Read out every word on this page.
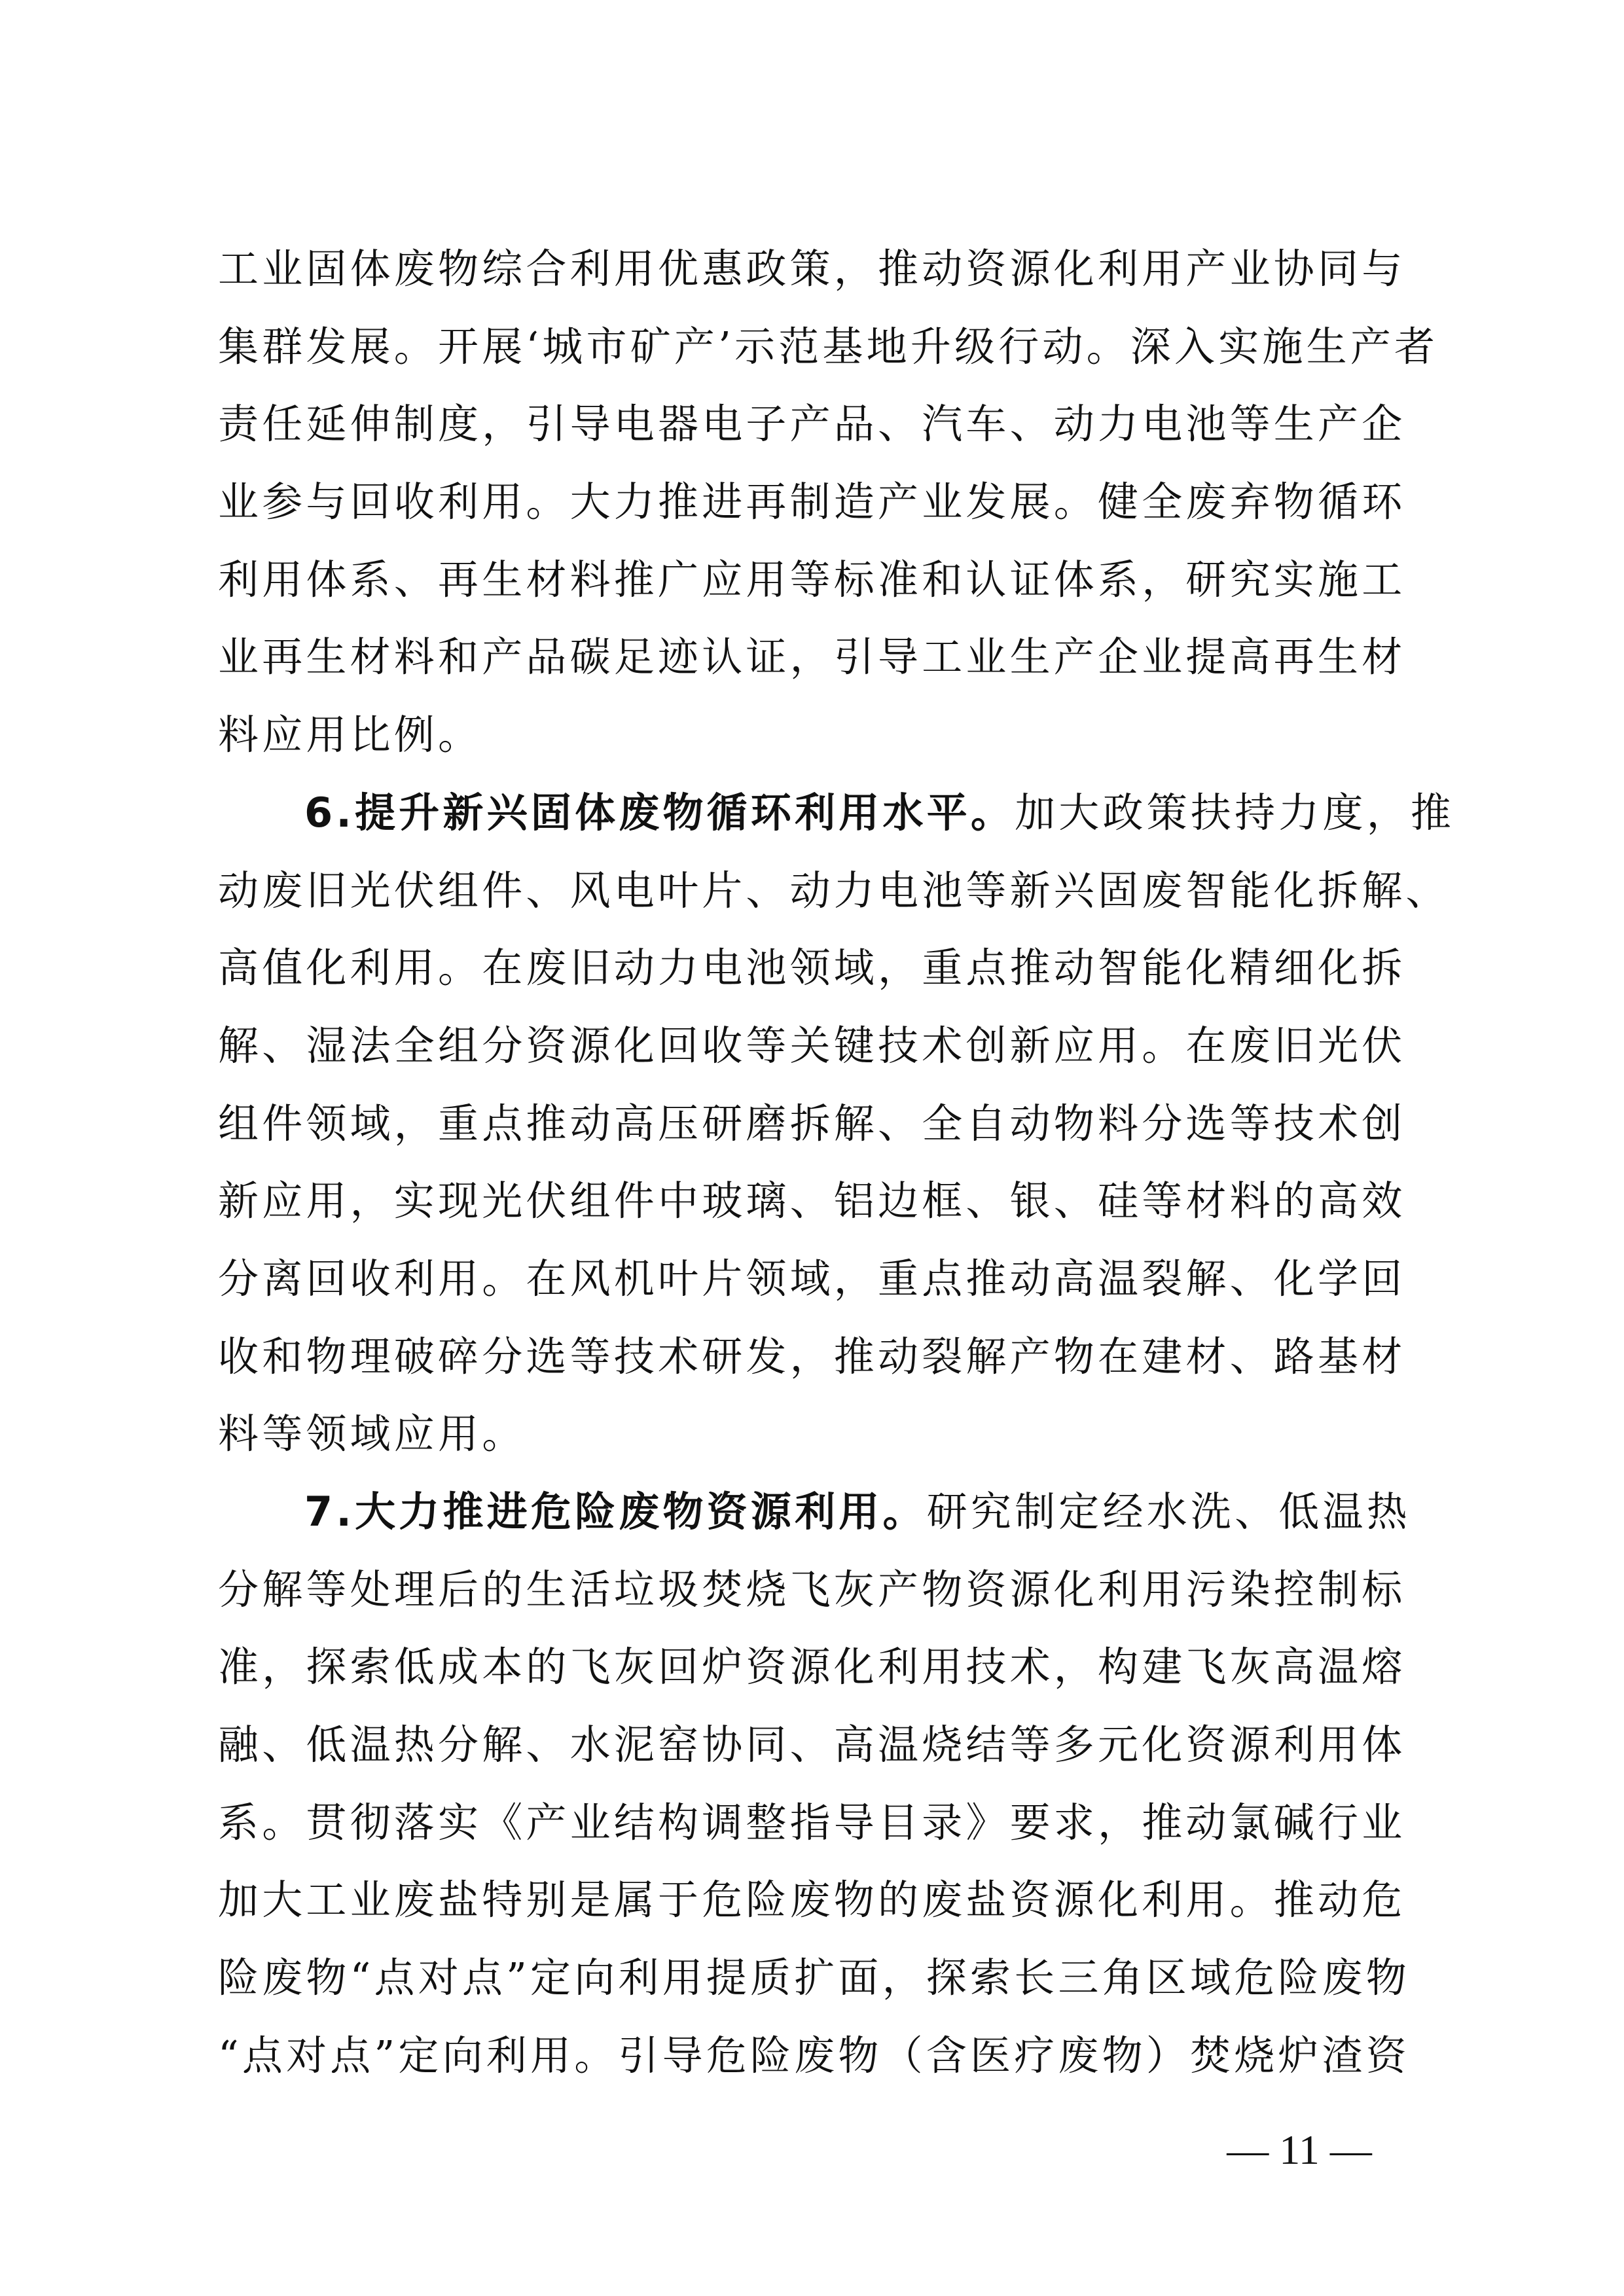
工业固体废物综合利用优惠政策，推动资源化利用产业协同与
集群发展。开展‘城市矿产’示范基地升级行动。深入实施生产者
责任延伸制度，引导电器电子产品、汽车、动力电池等生产企
业参与回收利用。大力推进再制造产业发展。健全废弃物循环
利用体系、再生材料推广应用等标准和认证体系，研究实施工
业再生材料和产品碳足迹认证，引导工业生产企业提高再生材
料应用比例。
6.提升新兴固体废物循环利用水平。加大政策扶持力度，推
动废旧光伏组件、风电叶片、动力电池等新兴固废智能化拆解、
高值化利用。在废旧动力电池领域，重点推动智能化精细化拆
解、湿法全组分资源化回收等关键技术创新应用。在废旧光伏
组件领域，重点推动高压研磨拆解、全自动物料分选等技术创
新应用，实现光伏组件中玻璃、铝边框、银、硅等材料的高效
分离回收利用。在风机叶片领域，重点推动高温裂解、化学回
收和物理破碎分选等技术研发，推动裂解产物在建材、路基材
料等领域应用。
7.大力推进危险废物资源利用。研究制定经水洗、低温热
分解等处理后的生活垃圾焚烧飞灰产物资源化利用污染控制标
准，探索低成本的飞灰回炉资源化利用技术，构建飞灰高温熔
融、低温热分解、水泥窑协同、高温烧结等多元化资源利用体
系。贯彻落实《产业结构调整指导目录》要求，推动氯碱行业
加大工业废盐特别是属于危险废物的废盐资源化利用。推动危
险废物“点对点”定向利用提质扩面，探索长三角区域危险废物
“点对点”定向利用。引导危险废物（含医疗废物）焚烧炉渣资
— 11 —
